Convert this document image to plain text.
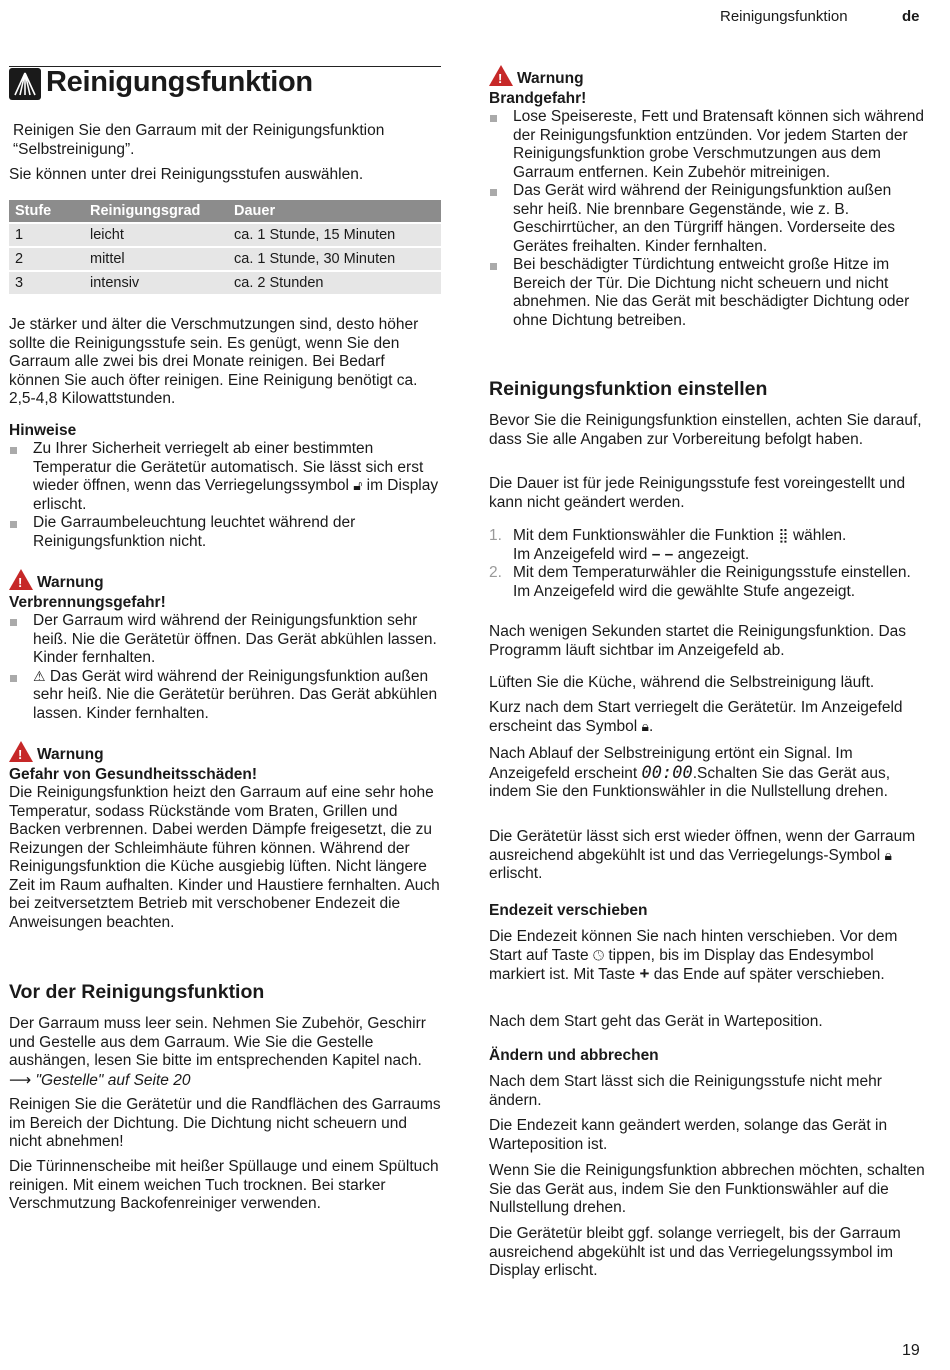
Reinigungsfunktion	de
Reinigungsfunktion

Reinigen Sie den Garraum mit der Reinigungsfunktion “Selbstreinigung”.

Sie können unter drei Reinigungsstufen auswählen.

Stufe	Reinigungsgrad	Dauer
1	leicht	ca. 1 Stunde, 15 Minuten
2	mittel	ca. 1 Stunde, 30 Minuten
3	intensiv	ca. 2 Stunden

Je stärker und älter die Verschmutzungen sind, desto höher sollte die Reinigungsstufe sein. Es genügt, wenn Sie den Garraum alle zwei bis drei Monate reinigen. Bei Bedarf können Sie auch öfter reinigen. Eine Reinigung benötigt ca. 2,5-4,8 Kilowattstunden.

Hinweise
Zu Ihrer Sicherheit verriegelt ab einer bestimmten Temperatur die Gerätetür automatisch. Sie lässt sich erst wieder öffnen, wenn das Verriegelungssymbol 🔓︎ im Display erlischt.
Die Garraumbeleuchtung leuchtet während der Reinigungsfunktion nicht.
!Warnung
Verbrennungsgefahr!
Der Garraum wird während der Reinigungsfunktion sehr heiß. Nie die Gerätetür öffnen. Das Gerät abkühlen lassen. Kinder fernhalten.
⚠︎ Das Gerät wird während der Reinigungsfunktion außen sehr heiß. Nie die Gerätetür berühren. Das Gerät abkühlen lassen. Kinder fernhalten.
!Warnung
Gefahr von Gesundheitsschäden!

Die Reinigungsfunktion heizt den Garraum auf eine sehr hohe Temperatur, sodass Rückstände vom Braten, Grillen und Backen verbrennen. Dabei werden Dämpfe freigesetzt, die zu Reizungen der Schleimhäute führen können. Während der Reinigungsfunktion die Küche ausgiebig lüften. Nicht längere Zeit im Raum aufhalten. Kinder und Haustiere fernhalten. Auch bei zeitversetztem Betrieb mit verschobener Endezeit die Anweisungen beachten.

Vor der Reinigungsfunktion

Der Garraum muss leer sein. Nehmen Sie Zubehör, Geschirr und Gestelle aus dem Garraum. Wie Sie die Gestelle aushängen, lesen Sie bitte im entsprechenden Kapitel nach. ⟶ "Gestelle" auf Seite 20

Reinigen Sie die Gerätetür und die Randflächen des Garraums im Bereich der Dichtung. Die Dichtung nicht scheuern und nicht abnehmen!

Die Türinnenscheibe mit heißer Spüllauge und einem Spültuch reinigen. Mit einem weichen Tuch trocknen. Bei starker Verschmutzung Backofenreiniger verwenden.

!Warnung
Brandgefahr!
Lose Speisereste, Fett und Bratensaft können sich während der Reinigungsfunktion entzünden. Vor jedem Starten der Reinigungsfunktion grobe Verschmutzungen aus dem Garraum entfernen. Kein Zubehör mitreinigen.
Das Gerät wird während der Reinigungsfunktion außen sehr heiß. Nie brennbare Gegenstände, wie z. B. Geschirrtücher, an den Türgriff hängen. Vorderseite des Gerätes freihalten. Kinder fernhalten.
Bei beschädigter Türdichtung entweicht große Hitze im Bereich der Tür. Die Dichtung nicht scheuern und nicht abnehmen. Nie das Gerät mit beschädigter Dichtung oder ohne Dichtung betreiben.
Reinigungsfunktion einstellen

Bevor Sie die Reinigungsfunktion einstellen, achten Sie darauf, dass Sie alle Angaben zur Vorbereitung befolgt haben.

Die Dauer ist für jede Reinigungsstufe fest voreingestellt und kann nicht geändert werden.

1. Mit dem Funktionswähler die Funktion ⣿ wählen.
Im Anzeigefeld wird – – angezeigt.
2. Mit dem Temperaturwähler die Reinigungsstufe einstellen.
Im Anzeigefeld wird die gewählte Stufe angezeigt.

Nach wenigen Sekunden startet die Reinigungsfunktion. Das Programm läuft sichtbar im Anzeigefeld ab.

Lüften Sie die Küche, während die Selbstreinigung läuft.

Kurz nach dem Start verriegelt die Gerätetür. Im Anzeigefeld erscheint das Symbol 🔒︎.

Nach Ablauf der Selbstreinigung ertönt ein Signal. Im Anzeigefeld erscheint 00:00.Schalten Sie das Gerät aus, indem Sie den Funktionswähler in die Nullstellung drehen.

Die Gerätetür lässt sich erst wieder öffnen, wenn der Garraum ausreichend abgekühlt ist und das Verriegelungs-Symbol 🔒︎ erlischt.

Endezeit verschieben

Die Endezeit können Sie nach hinten verschieben. Vor dem Start auf Taste 🕓︎ tippen, bis im Display das Endesymbol markiert ist. Mit Taste + das Ende auf später verschieben.

Nach dem Start geht das Gerät in Warteposition.

Ändern und abbrechen

Nach dem Start lässt sich die Reinigungsstufe nicht mehr ändern.

Die Endezeit kann geändert werden, solange das Gerät in Warteposition ist.

Wenn Sie die Reinigungsfunktion abbrechen möchten, schalten Sie das Gerät aus, indem Sie den Funktionswähler auf die Nullstellung drehen.

Die Gerätetür bleibt ggf. solange verriegelt, bis der Garraum ausreichend abgekühlt ist und das Verriegelungssymbol im Display erlischt.

19
